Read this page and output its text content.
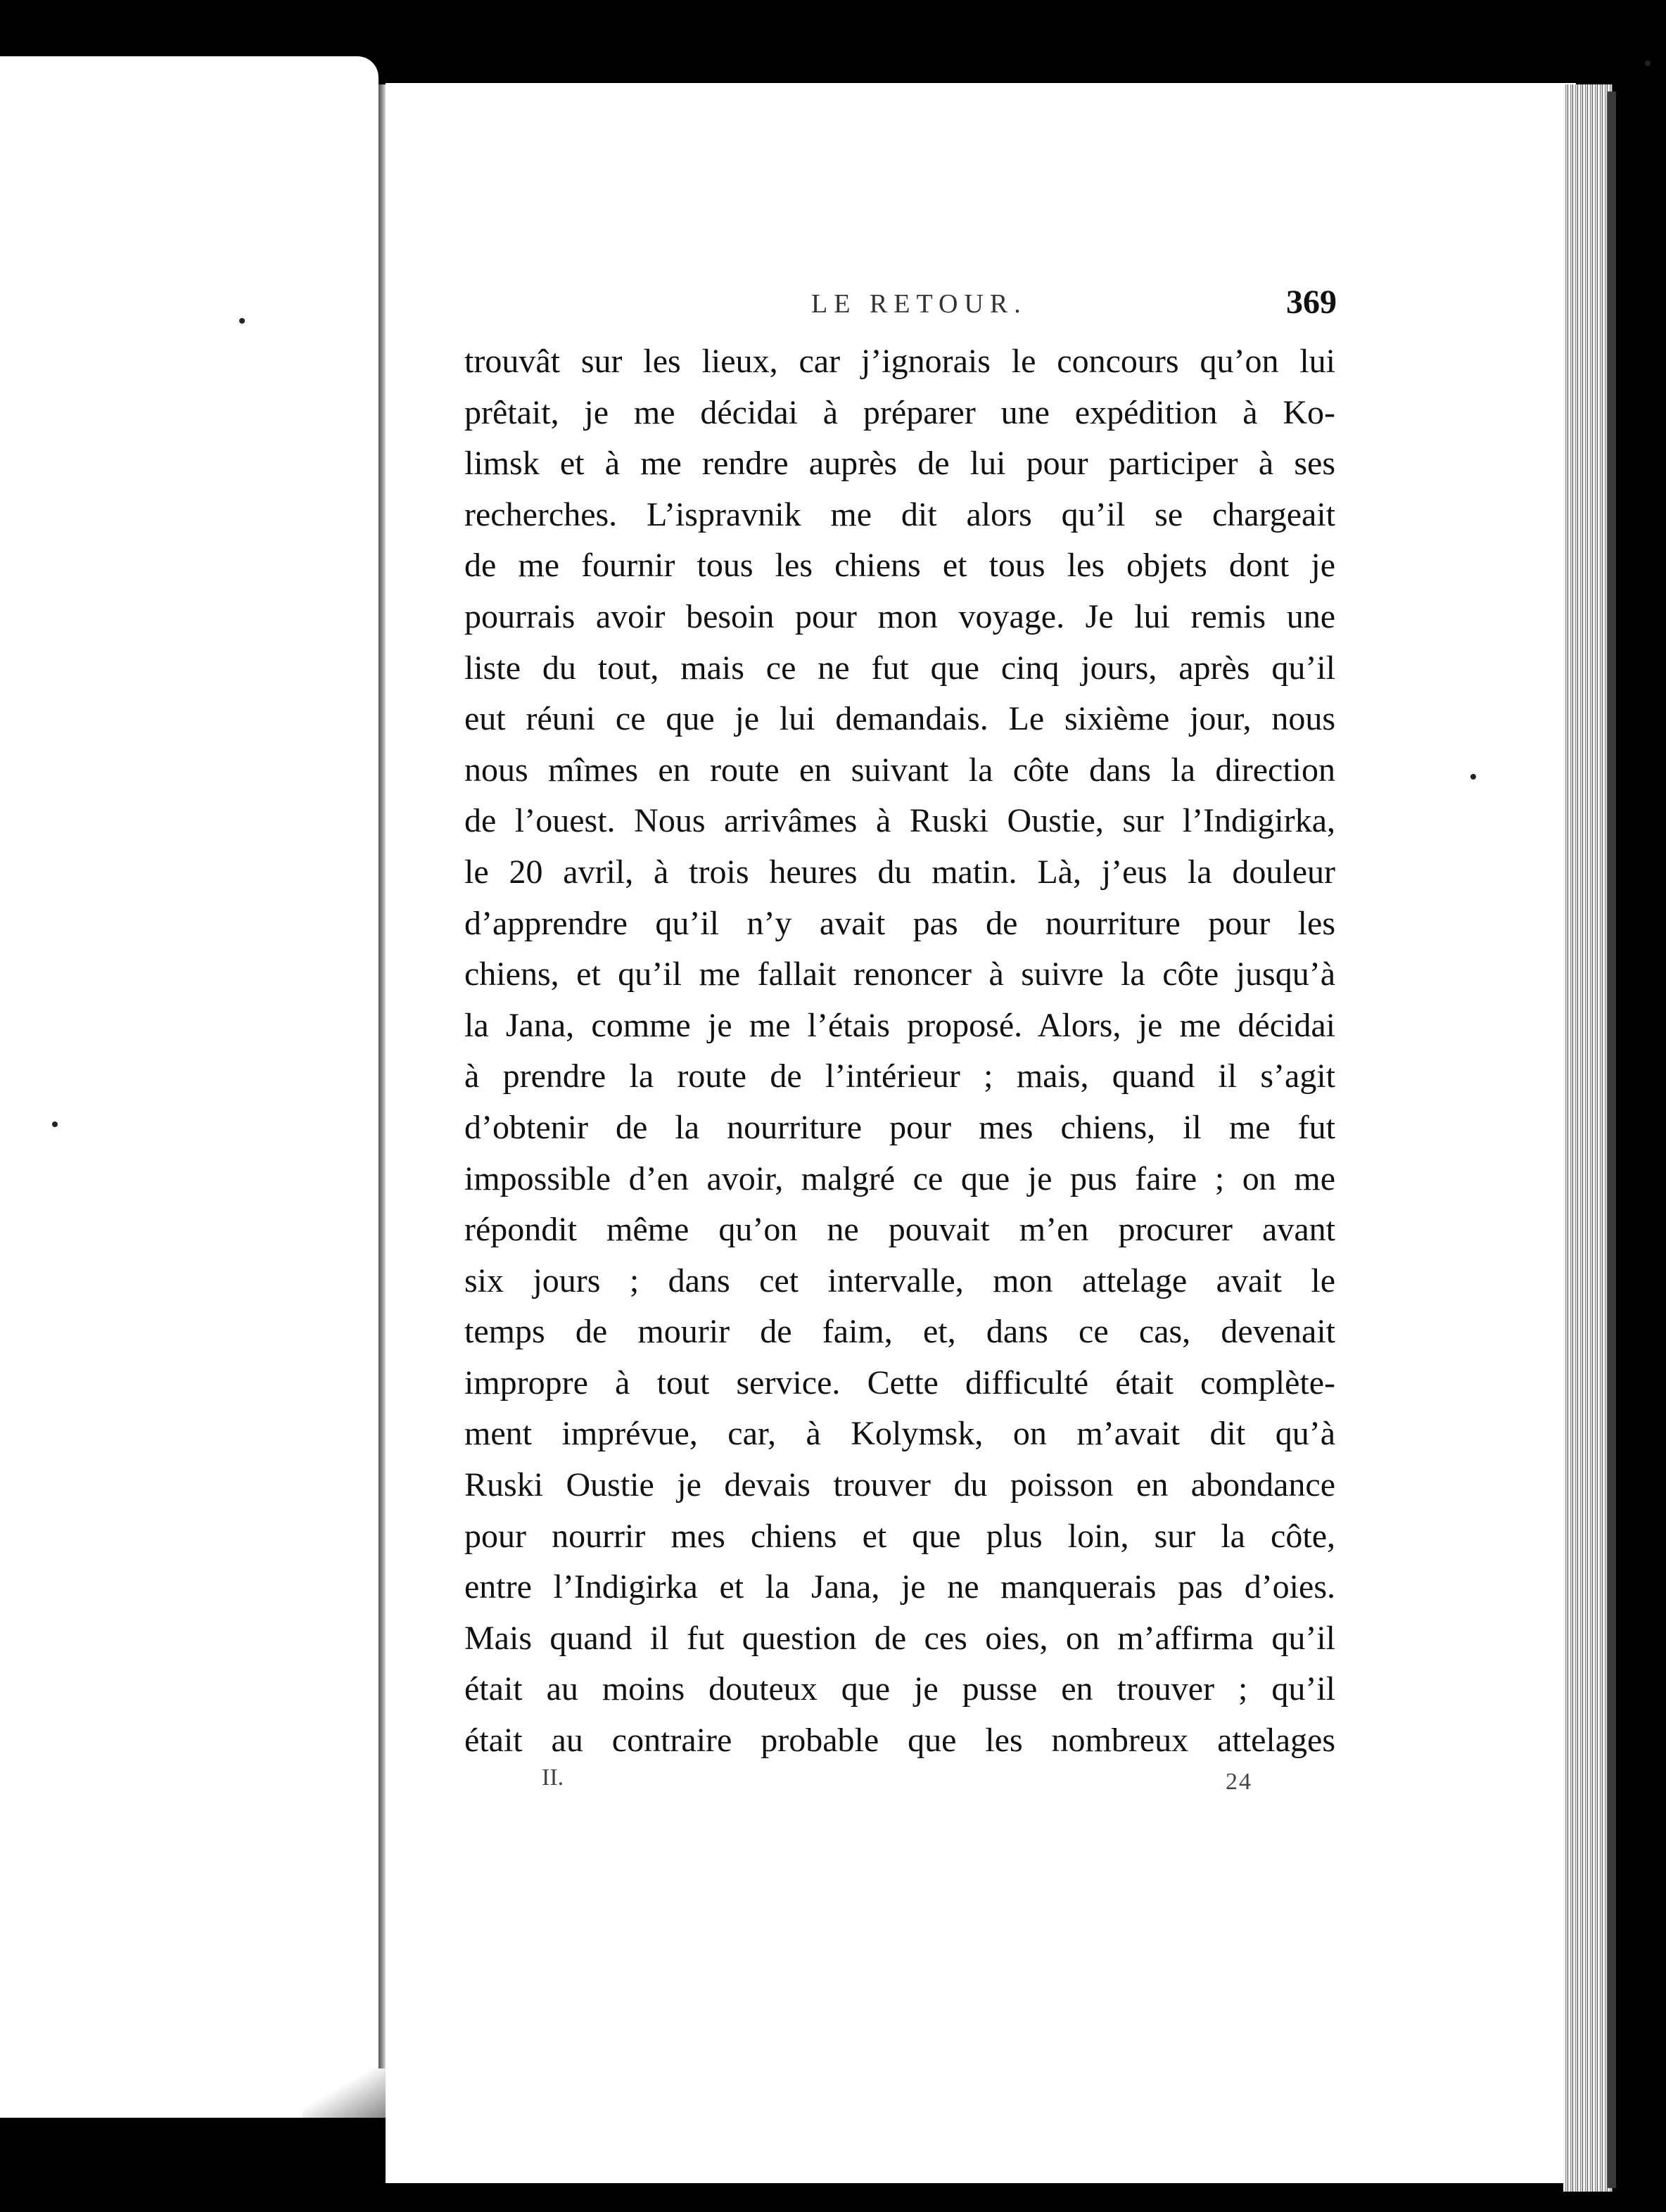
LE RETOUR.	369
trouvât sur les lieux, car j’ignorais le concours qu’on lui
prêtait, je me décidai à préparer une expédition à Ko-
limsk et à me rendre auprès de lui pour participer à ses
recherches. L’ispravnik me dit alors qu’il se chargeait
de me fournir tous les chiens et tous les objets dont je
pourrais avoir besoin pour mon voyage. Je lui remis une
liste du tout, mais ce ne fut que cinq jours, après qu’il
eut réuni ce que je lui demandais. Le sixième jour, nous
nous mîmes en route en suivant la côte dans la direction
de l’ouest. Nous arrivâmes à Ruski Oustie, sur l’Indigirka,
le 20 avril, à trois heures du matin. Là, j’eus la douleur
d’apprendre qu’il n’y avait pas de nourriture pour les
chiens, et qu’il me fallait renoncer à suivre la côte jusqu’à
la Jana, comme je me l’étais proposé. Alors, je me décidai
à prendre la route de l’intérieur ; mais, quand il s’agit
d’obtenir de la nourriture pour mes chiens, il me fut
impossible d’en avoir, malgré ce que je pus faire ; on me
répondit même qu’on ne pouvait m’en procurer avant
six jours ; dans cet intervalle, mon attelage avait le
temps de mourir de faim, et, dans ce cas, devenait
impropre à tout service. Cette difficulté était complète-
ment imprévue, car, à Kolymsk, on m’avait dit qu’à
Ruski Oustie je devais trouver du poisson en abondance
pour nourrir mes chiens et que plus loin, sur la côte,
entre l’Indigirka et la Jana, je ne manquerais pas d’oies.
Mais quand il fut question de ces oies, on m’affirma qu’il
était au moins douteux que je pusse en trouver ; qu’il
était au contraire probable que les nombreux attelages
II.	24
